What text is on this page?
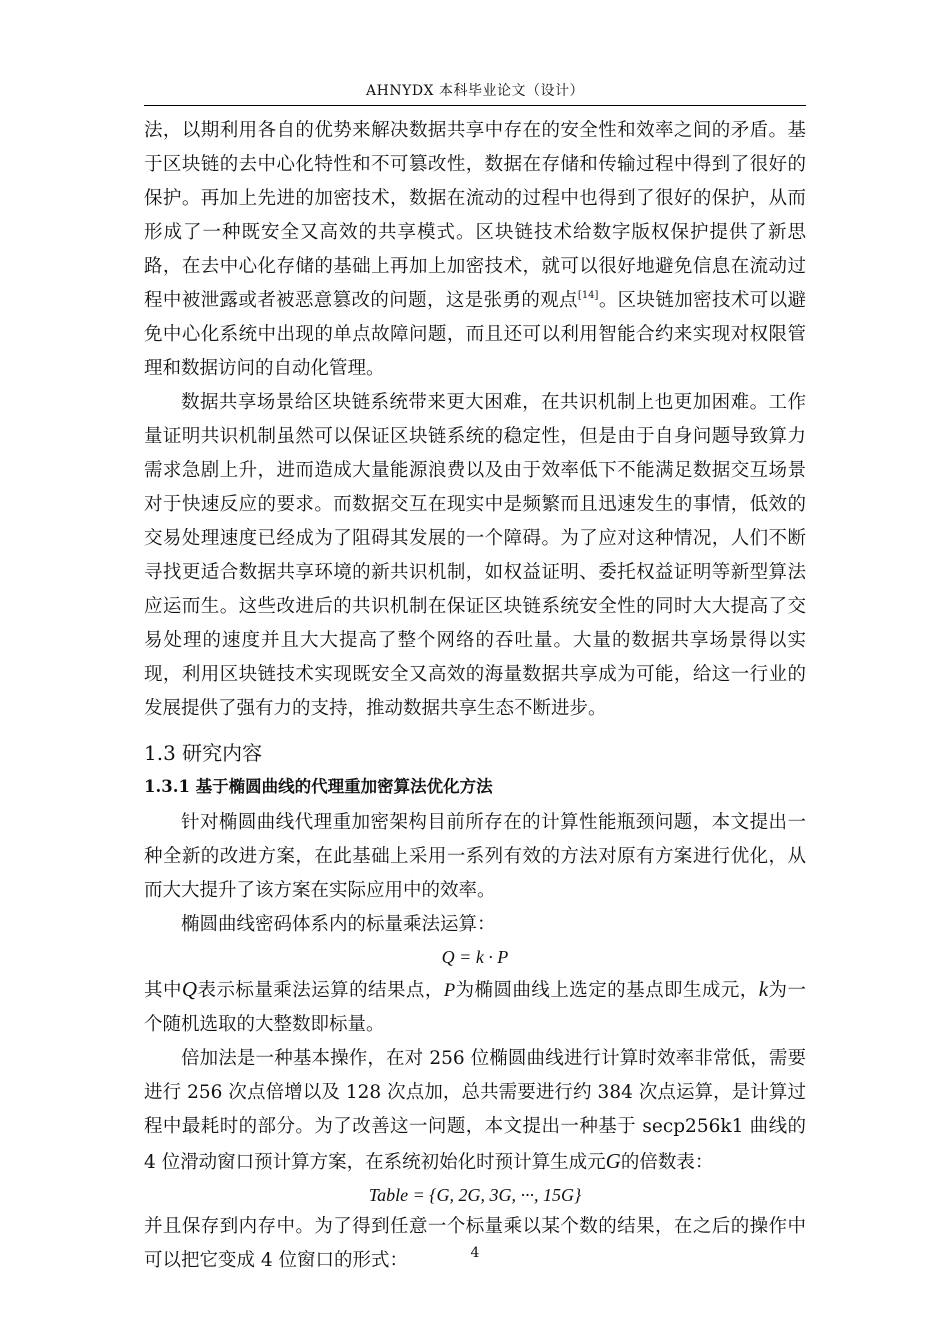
AHNYDX 本科毕业论文（设计）

法，以期利用各自的优势来解决数据共享中存在的安全性和效率之间的矛盾。基于区块链的去中心化特性和不可篡改性，数据在存储和传输过程中得到了很好的保护。再加上先进的加密技术，数据在流动的过程中也得到了很好的保护，从而形成了一种既安全又高效的共享模式。区块链技术给数字版权保护提供了新思路，在去中心化存储的基础上再加上加密技术，就可以很好地避免信息在流动过程中被泄露或者被恶意篡改的问题，这是张勇的观点[14]。区块链加密技术可以避免中心化系统中出现的单点故障问题，而且还可以利用智能合约来实现对权限管理和数据访问的自动化管理。

数据共享场景给区块链系统带来更大困难，在共识机制上也更加困难。工作量证明共识机制虽然可以保证区块链系统的稳定性，但是由于自身问题导致算力需求急剧上升，进而造成大量能源浪费以及由于效率低下不能满足数据交互场景对于快速反应的要求。而数据交互在现实中是频繁而且迅速发生的事情，低效的交易处理速度已经成为了阻碍其发展的一个障碍。为了应对这种情况，人们不断寻找更适合数据共享环境的新共识机制，如权益证明、委托权益证明等新型算法应运而生。这些改进后的共识机制在保证区块链系统安全性的同时大大提高了交易处理的速度并且大大提高了整个网络的吞吐量。大量的数据共享场景得以实现，利用区块链技术实现既安全又高效的海量数据共享成为可能，给这一行业的发展提供了强有力的支持，推动数据共享生态不断进步。

1.3 研究内容
1.3.1 基于椭圆曲线的代理重加密算法优化方法

针对椭圆曲线代理重加密架构目前所存在的计算性能瓶颈问题，本文提出一种全新的改进方案，在此基础上采用一系列有效的方法对原有方案进行优化，从而大大提升了该方案在实际应用中的效率。

椭圆曲线密码体系内的标量乘法运算：

Q = k · P

其中Q表示标量乘法运算的结果点，P为椭圆曲线上选定的基点即生成元，k为一个随机选取的大整数即标量。

倍加法是一种基本操作，在对 256 位椭圆曲线进行计算时效率非常低，需要进行 256 次点倍增以及 128 次点加，总共需要进行约 384 次点运算，是计算过程中最耗时的部分。为了改善这一问题，本文提出一种基于 secp256k1 曲线的 4 位滑动窗口预计算方案，在系统初始化时预计算生成元G的倍数表：

Table = {G, 2G, 3G, ···, 15G}

并且保存到内存中。为了得到任意一个标量乘以某个数的结果，在之后的操作中可以把它变成 4 位窗口的形式：	4
